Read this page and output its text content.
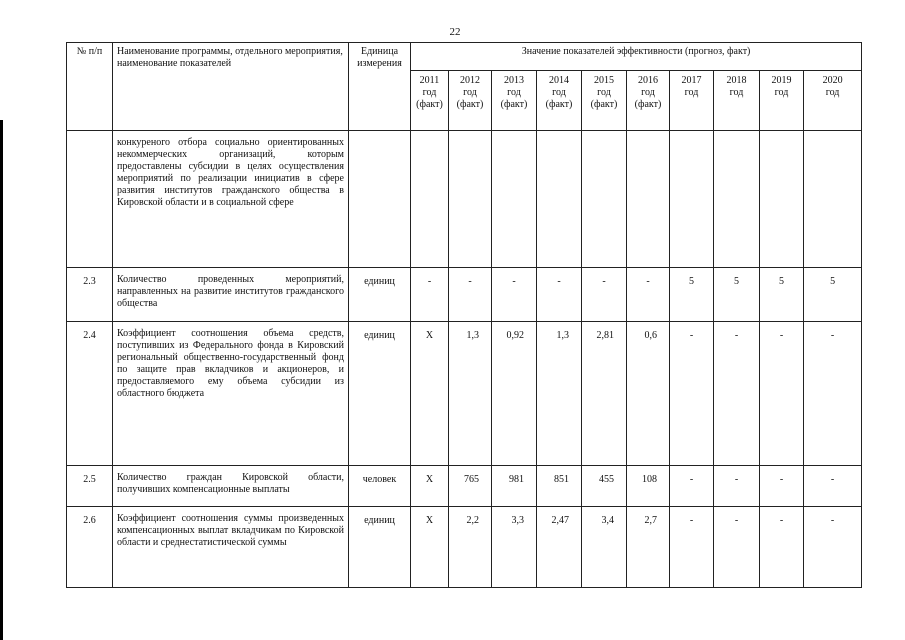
22
№ п/п	Наименование программы, отдельного мероприятия, наименование показателей	Единица измерения	Значение показателей эффективности (прогноз, факт)									

			2011
год
(факт)	2012
год
(факт)	2013
год
(факт)	2014
год
(факт)	2015
год
(факт)	2016
год
(факт)	2017
год	2018
год	2019
год	2020
год

	конкуреного отбора социально ориентированных некоммерческих организаций, которым предоставлены субсидии в целях осуществления мероприятий по реализации инициатив в сфере развития институтов гражданского общества в Кировской области и в социальной сфере											
2.3	Количество проведенных мероприятий, направленных на развитие институтов гражданского общества	единиц	-	-	-	-	-	-	5	5	5	5
2.4	Коэффициент соотношения объема средств, поступивших из Федерального фонда в Кировский региональный общественно-государственный фонд по защите прав вкладчиков и акционеров, и предоставляемого ему объема субсидии из областного бюджета	единиц	X	1,3	0,92	1,3	2,81	0,6	-	-	-	-
2.5	Количество граждан Кировской области, получивших компенсационные выплаты	человек	X	765	981	851	455	108	-	-	-	-
2.6	Коэффициент соотношения суммы произведенных компенсационных выплат вкладчикам по Кировской области и среднестатистической суммы	единиц	X	2,2	3,3	2,47	3,4	2,7	-	-	-	-
